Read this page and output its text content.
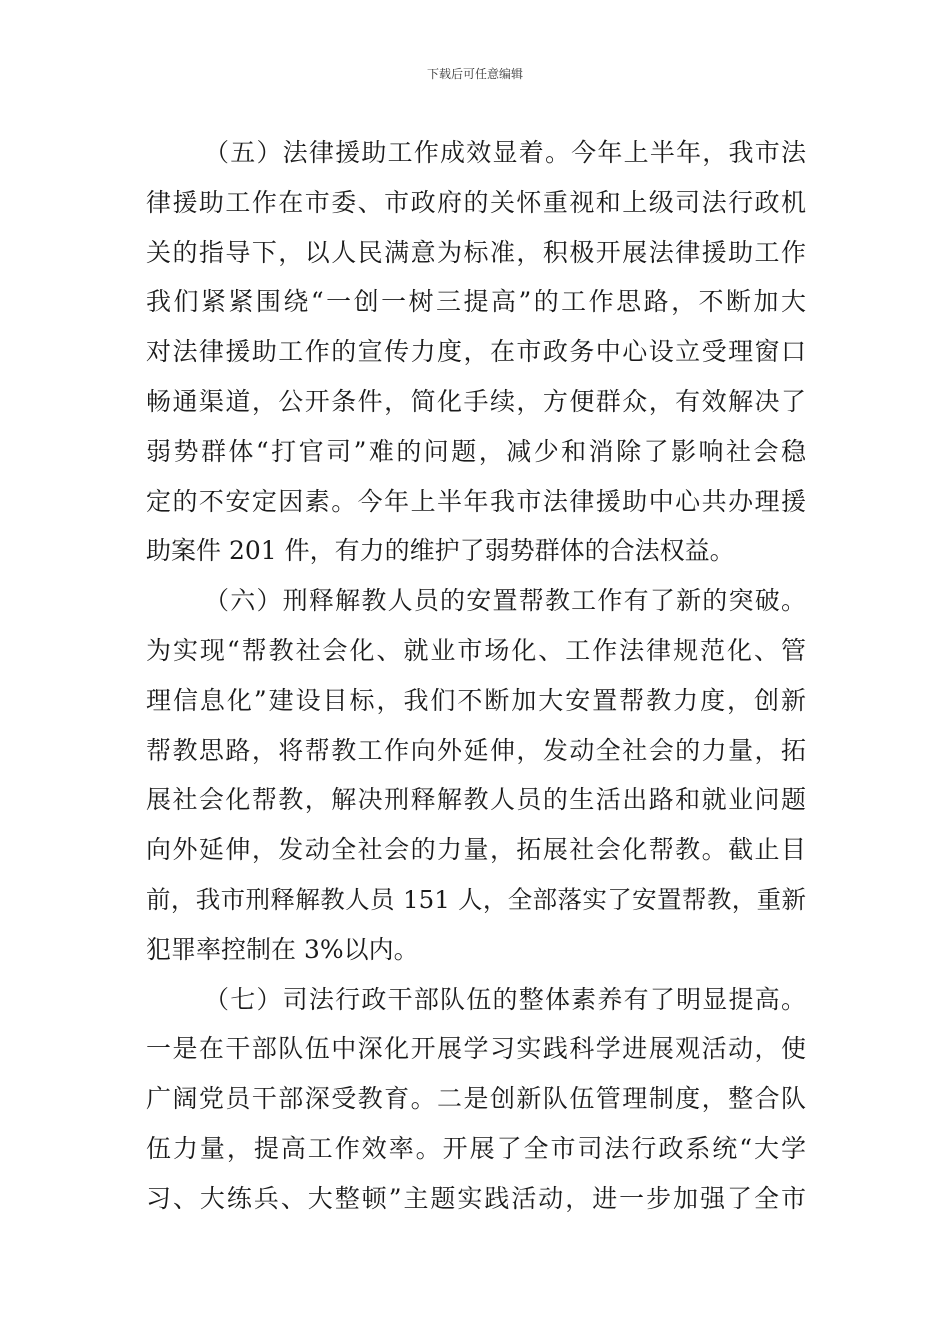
下载后可任意编辑
（五）法律援助工作成效显着。今年上半年，我市法
律援助工作在市委、市政府的关怀重视和上级司法行政机
关的指导下，以人民满意为标准，积极开展法律援助工作
我们紧紧围绕“一创一树三提高”的工作思路，不断加大
对法律援助工作的宣传力度，在市政务中心设立受理窗口
畅通渠道，公开条件，简化手续，方便群众，有效解决了
弱势群体“打官司”难的问题，减少和消除了影响社会稳
定的不安定因素。今年上半年我市法律援助中心共办理援
助案件 201 件，有力的维护了弱势群体的合法权益。
（六）刑释解教人员的安置帮教工作有了新的突破。
为实现“帮教社会化、就业市场化、工作法律规范化、管
理信息化”建设目标，我们不断加大安置帮教力度，创新
帮教思路，将帮教工作向外延伸，发动全社会的力量，拓
展社会化帮教，解决刑释解教人员的生活出路和就业问题
向外延伸，发动全社会的力量，拓展社会化帮教。截止目
前，我市刑释解教人员 151 人，全部落实了安置帮教，重新
犯罪率控制在 3%以内。
（七）司法行政干部队伍的整体素养有了明显提高。
一是在干部队伍中深化开展学习实践科学进展观活动，使
广阔党员干部深受教育。二是创新队伍管理制度，整合队
伍力量，提高工作效率。开展了全市司法行政系统“大学
习、大练兵、大整顿”主题实践活动，进一步加强了全市
